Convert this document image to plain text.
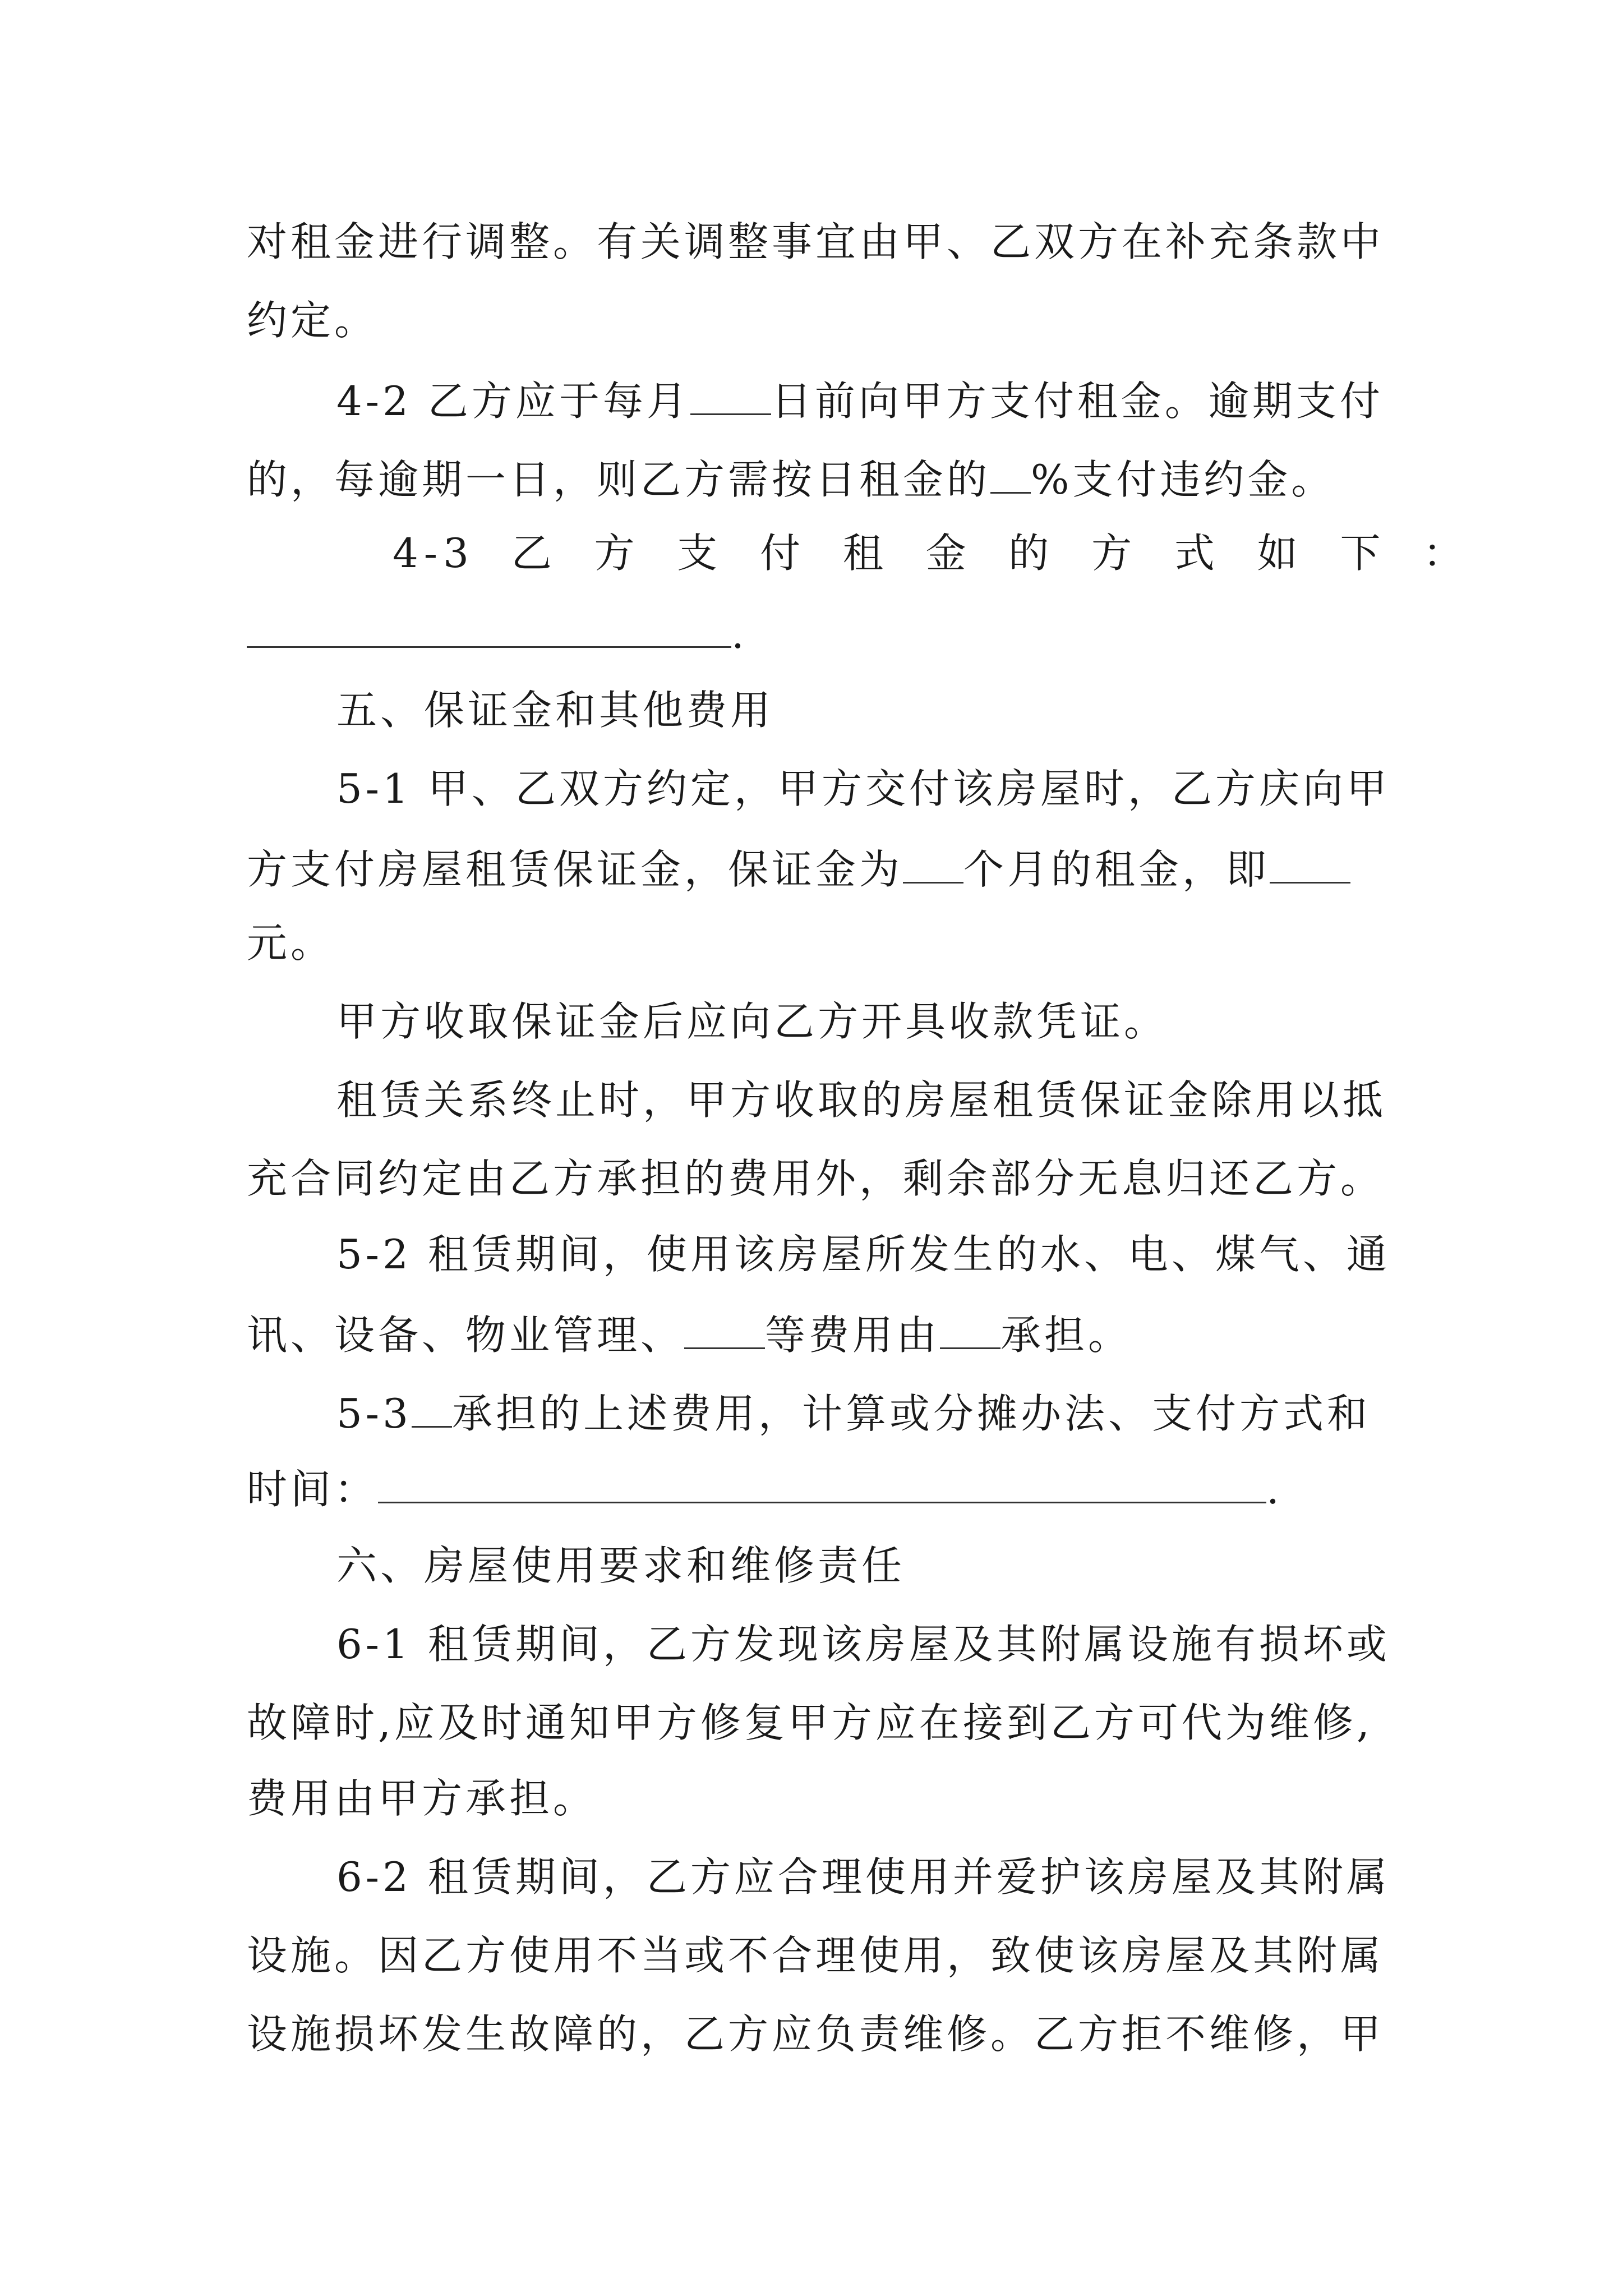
对租金进行调整。有关调整事宜由甲、乙双方在补充条款中
约定。
4-2 乙方应于每月 日前向甲方支付租金。逾期支付
的，每逾期一日，则乙方需按日租金的 %支付违约金。
4-3  乙  方  支  付  租  金  的  方  式  如  下  ：
.
五、保证金和其他费用
5-1 甲、乙双方约定，甲方交付该房屋时，乙方庆向甲
方支付房屋租赁保证金，保证金为 个月的租金，即
元。
甲方收取保证金后应向乙方开具收款凭证。
租赁关系终止时，甲方收取的房屋租赁保证金除用以抵
充合同约定由乙方承担的费用外，剩余部分无息归还乙方。
5-2 租赁期间，使用该房屋所发生的水、电、煤气、通
讯、设备、物业管理、 等费用由 承担。
5-3 承担的上述费用，计算或分摊办法、支付方式和
时间：	.
六、房屋使用要求和维修责任
6-1 租赁期间，乙方发现该房屋及其附属设施有损坏或
故障时,应及时通知甲方修复甲方应在接到乙方可代为维修,
费用由甲方承担。
6-2 租赁期间，乙方应合理使用并爱护该房屋及其附属
设施。因乙方使用不当或不合理使用，致使该房屋及其附属
设施损坏发生故障的，乙方应负责维修。乙方拒不维修，甲
